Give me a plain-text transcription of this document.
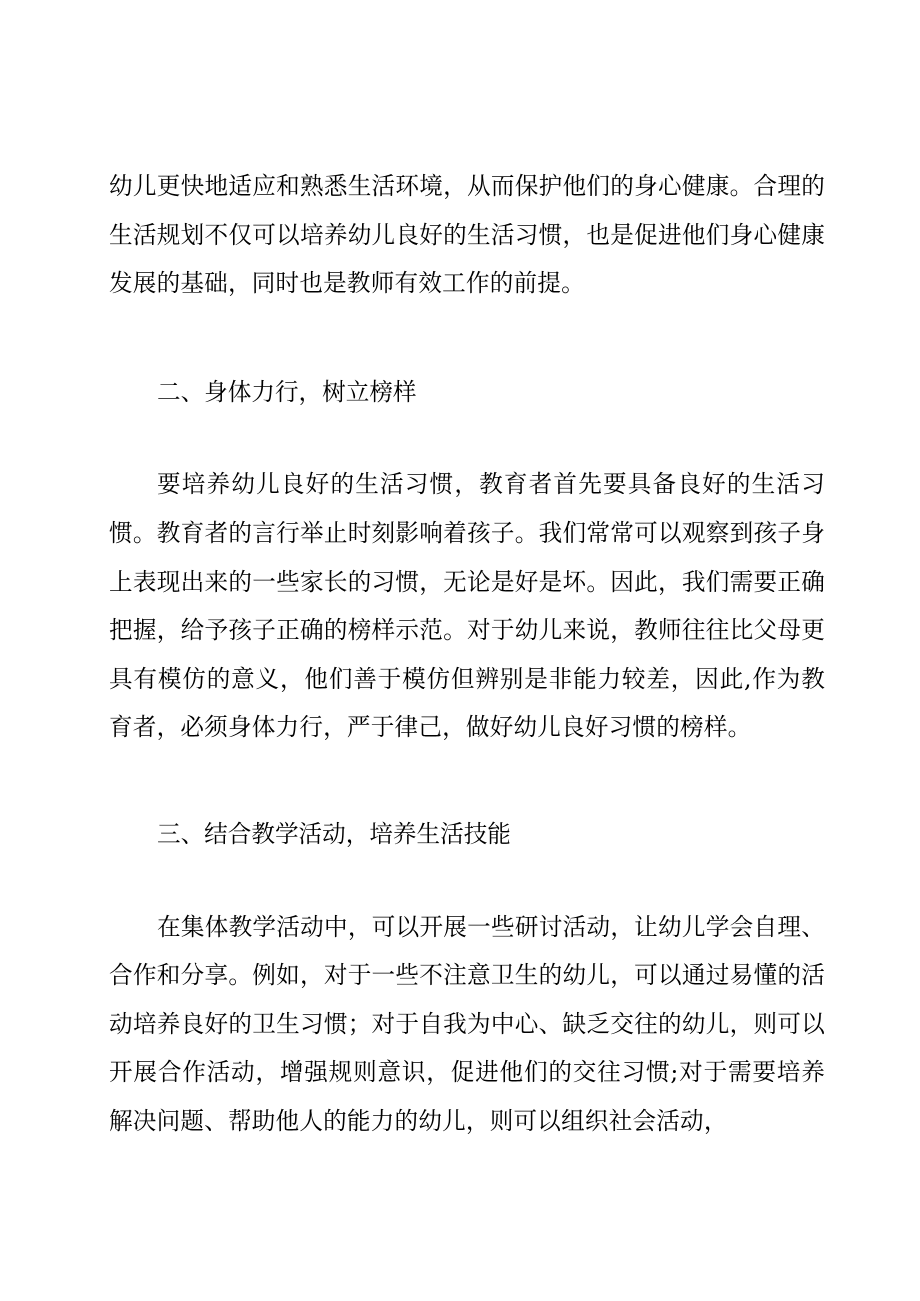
幼儿更快地适应和熟悉生活环境，从而保护他们的身心健康。合理的生活规划不仅可以培养幼儿良好的生活习惯，也是促进他们身心健康发展的基础，同时也是教师有效工作的前提。

二、身体力行，树立榜样

要培养幼儿良好的生活习惯，教育者首先要具备良好的生活习惯。教育者的言行举止时刻影响着孩子。我们常常可以观察到孩子身上表现出来的一些家长的习惯，无论是好是坏。因此，我们需要正确把握，给予孩子正确的榜样示范。对于幼儿来说，教师往往比父母更具有模仿的意义，他们善于模仿但辨别是非能力较差，因此,作为教育者，必须身体力行，严于律己，做好幼儿良好习惯的榜样。

三、结合教学活动，培养生活技能

在集体教学活动中，可以开展一些研讨活动，让幼儿学会自理、合作和分享。例如，对于一些不注意卫生的幼儿，可以通过易懂的活动培养良好的卫生习惯；对于自我为中心、缺乏交往的幼儿，则可以开展合作活动，增强规则意识，促进他们的交往习惯;对于需要培养解决问题、帮助他人的能力的幼儿，则可以组织社会活动，
